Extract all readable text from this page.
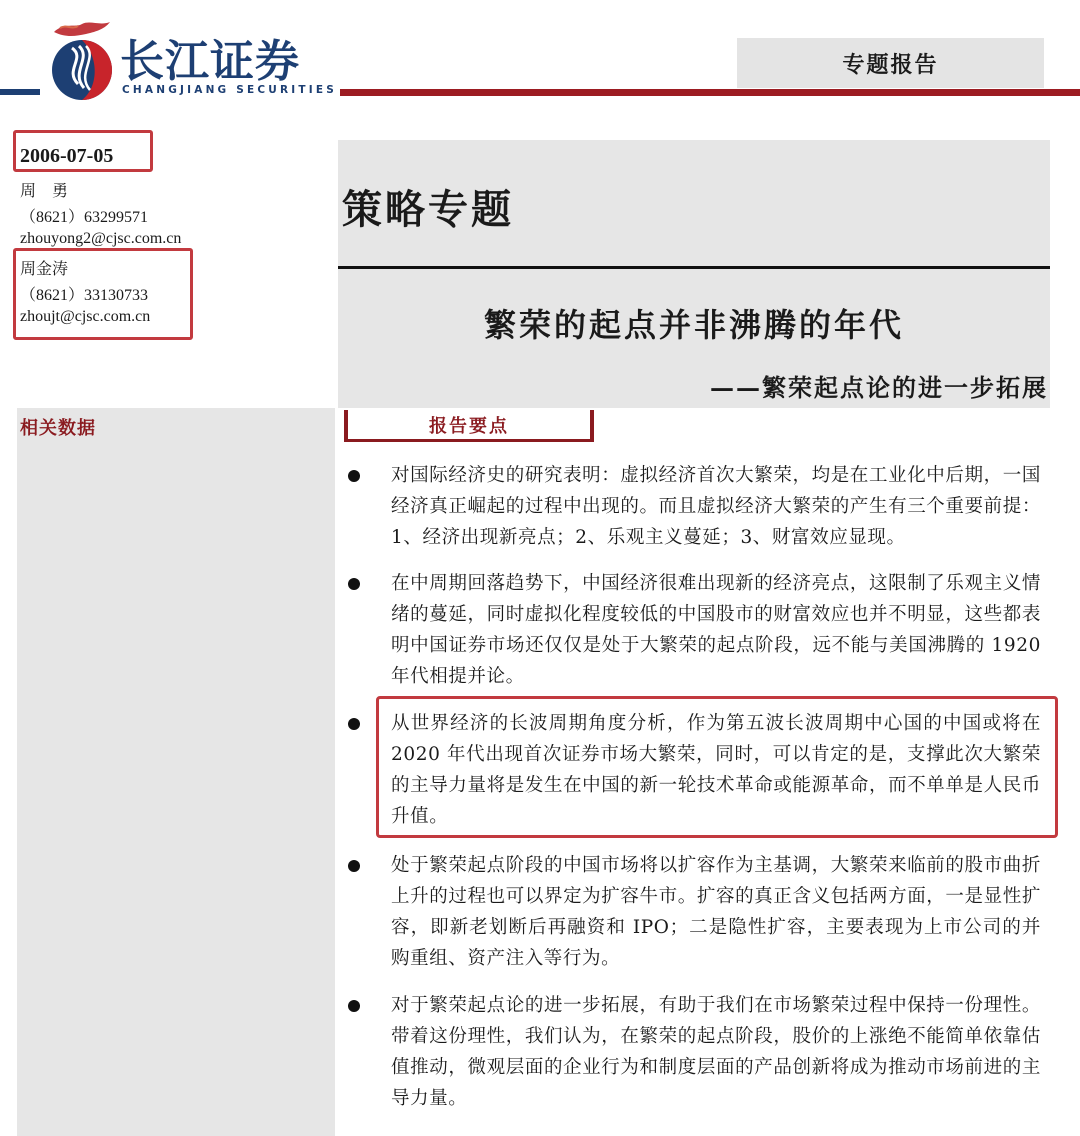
长江证券
CHANGJIANG SECURITIES
专题报告
2006-07-05
周　勇
（8621）63299571
zhouyong2@cjsc.com.cn
周金涛
（8621）33130733
zhoujt@cjsc.com.cn
相关数据
策略专题
繁荣的起点并非沸腾的年代
——繁荣起点论的进一步拓展
报告要点
对国际经济史的研究表明：虚拟经济首次大繁荣，均是在工业化中后期，一国经济真正崛起的过程中出现的。而且虚拟经济大繁荣的产生有三个重要前提：1、经济出现新亮点；2、乐观主义蔓延；3、财富效应显现。
在中周期回落趋势下，中国经济很难出现新的经济亮点，这限制了乐观主义情绪的蔓延，同时虚拟化程度较低的中国股市的财富效应也并不明显，这些都表明中国证券市场还仅仅是处于大繁荣的起点阶段，远不能与美国沸腾的 1920 年代相提并论。
从世界经济的长波周期角度分析，作为第五波长波周期中心国的中国或将在 2020 年代出现首次证券市场大繁荣，同时，可以肯定的是，支撑此次大繁荣的主导力量将是发生在中国的新一轮技术革命或能源革命，而不单单是人民币升值。
处于繁荣起点阶段的中国市场将以扩容作为主基调，大繁荣来临前的股市曲折上升的过程也可以界定为扩容牛市。扩容的真正含义包括两方面，一是显性扩容，即新老划断后再融资和 IPO；二是隐性扩容，主要表现为上市公司的并购重组、资产注入等行为。
对于繁荣起点论的进一步拓展，有助于我们在市场繁荣过程中保持一份理性。带着这份理性，我们认为，在繁荣的起点阶段，股价的上涨绝不能简单依靠估值推动，微观层面的企业行为和制度层面的产品创新将成为推动市场前进的主导力量。
